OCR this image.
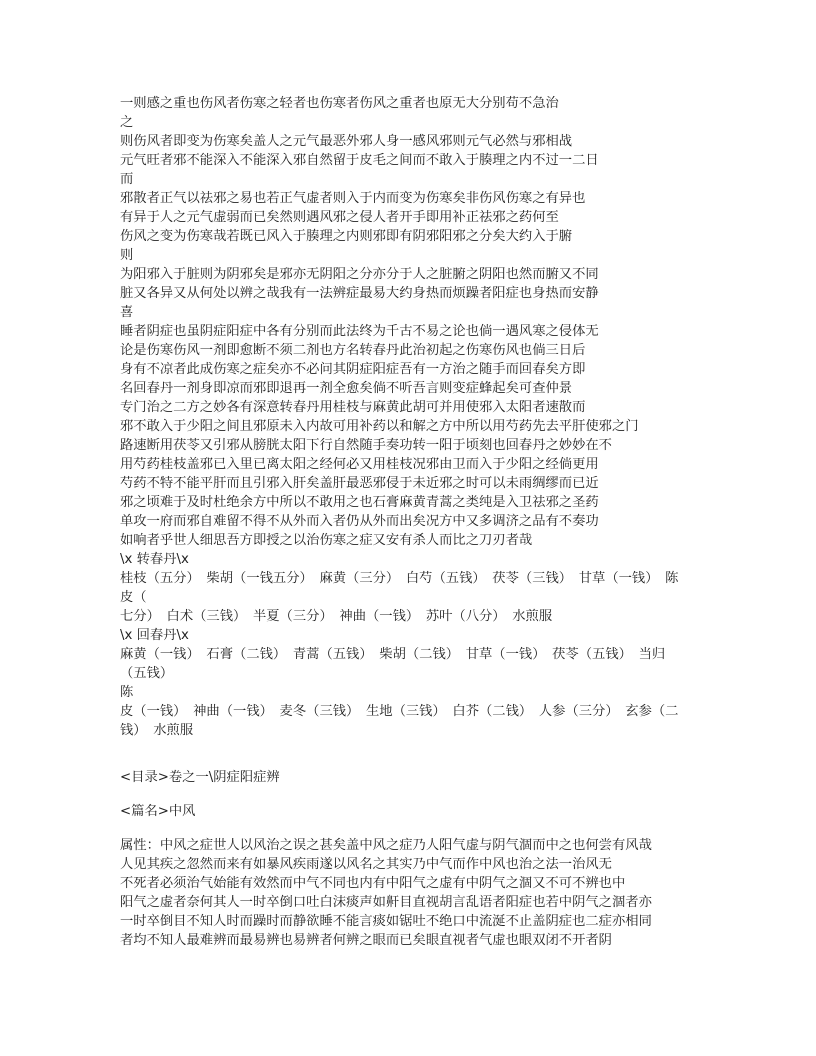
一则感之重也伤风者伤寒之轻者也伤寒者伤风之重者也原无大分别苟不急治
之
则伤风者即变为伤寒矣盖人之元气最恶外邪人身一感风邪则元气必然与邪相战
元气旺者邪不能深入不能深入邪自然留于皮毛之间而不敢入于腠理之内不过一二日
而
邪散者正气以祛邪之易也若正气虚者则入于内而变为伤寒矣非伤风伤寒之有异也
有异于人之元气虚弱而已矣然则遇风邪之侵人者开手即用补正祛邪之药何至
伤风之变为伤寒哉若既已风入于腠理之内则邪即有阴邪阳邪之分矣大约入于腑
则
为阳邪入于脏则为阴邪矣是邪亦无阴阳之分亦分于人之脏腑之阴阳也然而腑又不同
脏又各异又从何处以辨之哉我有一法辨症最易大约身热而烦躁者阳症也身热而安静
喜
睡者阴症也虽阴症阳症中各有分别而此法终为千古不易之论也倘一遇风寒之侵体无
论是伤寒伤风一剂即愈断不须二剂也方名转春丹此治初起之伤寒伤风也倘三日后
身有不凉者此成伤寒之症矣亦不必问其阴症阳症吾有一方治之随手而回春矣方即
名回春丹一剂身即凉而邪即退再一剂全愈矣倘不听吾言则变症蜂起矣可查仲景
专门治之二方之妙各有深意转春丹用桂枝与麻黄此胡可并用使邪入太阳者速散而
邪不敢入于少阳之间且邪原未入内故可用补药以和解之方中所以用芍药先去平肝使邪之门
路速断用茯苓又引邪从膀胱太阳下行自然随手奏功转一阳于顷刻也回春丹之妙妙在不
用芍药桂枝盖邪已入里已离太阳之经何必又用桂枝况邪由卫而入于少阳之经倘更用
芍药不特不能平肝而且引邪入肝矣盖肝最恶邪侵于未近邪之时可以未雨绸缪而已近
邪之顷难于及时杜绝余方中所以不敢用之也石膏麻黄青蒿之类纯是入卫祛邪之圣药
单攻一府而邪自难留不得不从外而入者仍从外而出矣况方中又多调济之品有不奏功
如响者乎世人细思吾方即授之以治伤寒之症又安有杀人而比之刀刃者哉
\x 转春丹\x
桂枝（五分）　柴胡（一钱五分）　麻黄（三分）　白芍（五钱）　茯苓（三钱）　甘草（一钱）　陈
皮（
七分）　白术（三钱）　半夏（三分）　神曲（一钱）　苏叶（八分）　水煎服
\x 回春丹\x
麻黄（一钱）　石膏（二钱）　青蒿（五钱）　柴胡（二钱）　甘草（一钱）　茯苓（五钱）　当归
（五钱）
陈
皮（一钱）　神曲（一钱）　麦冬（三钱）　生地（三钱）　白芥（二钱）　人参（三分）　玄参（二
钱）　水煎服
<目录>卷之一\阴症阳症辨
<篇名>中风
属性：中风之症世人以风治之误之甚矣盖中风之症乃人阳气虚与阴气涸而中之也何尝有风哉
人见其疾之忽然而来有如暴风疾雨遂以风名之其实乃中气而作中风也治之法一治风无
不死者必须治气始能有效然而中气不同也内有中阳气之虚有中阴气之涸又不可不辨也中
阳气之虚者奈何其人一时卒倒口吐白沫痰声如鼾目直视胡言乱语者阳症也若中阴气之涸者亦
一时卒倒目不知人时而躁时而静欲睡不能言痰如锯吐不绝口中流涎不止盖阴症也二症亦相同
者均不知人最难辨而最易辨也易辨者何辨之眼而已矣眼直视者气虚也眼双闭不开者阴
